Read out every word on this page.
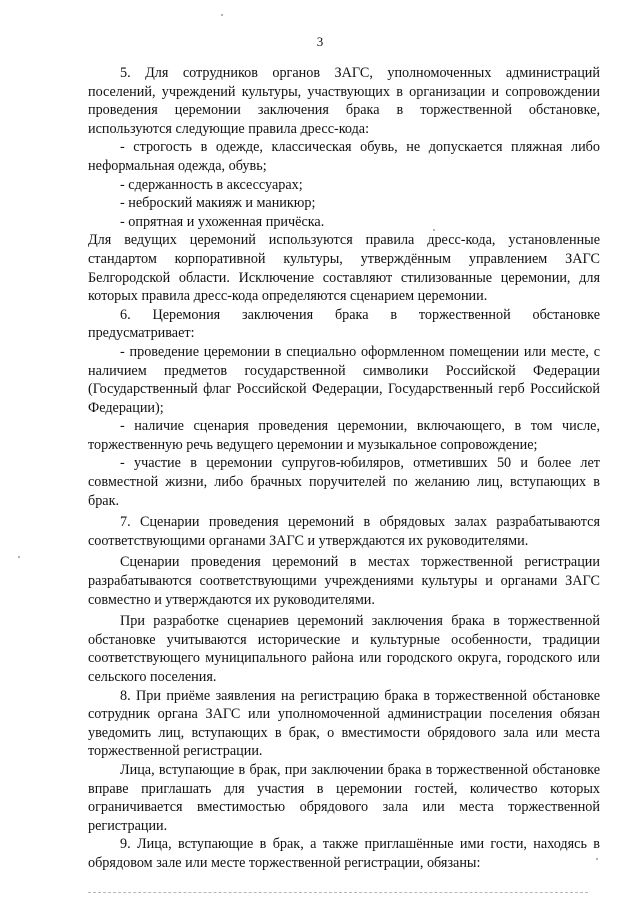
3

5. Для сотрудников органов ЗАГС, уполномоченных администраций поселений, учреждений культуры, участвующих в организации и сопровождении проведения церемонии заключения брака в торжественной обстановке, используются следующие правила дресс-кода:

- строгость в одежде, классическая обувь, не допускается пляжная либо неформальная одежда, обувь;

- сдержанность в аксессуарах;

- неброский макияж и маникюр;

- опрятная и ухоженная причёска.

Для ведущих церемоний используются правила дресс-кода, установленные стандартом корпоративной культуры, утверждённым управлением ЗАГС Белгородской области. Исключение составляют стилизованные церемонии, для которых правила дресс-кода определяются сценарием церемонии.

6. Церемония заключения брака в торжественной обстановке предусматривает:

- проведение церемонии в специально оформленном помещении или месте, с наличием предметов государственной символики Российской Федерации (Государственный флаг Российской Федерации, Государственный герб Российской Федерации);

- наличие сценария проведения церемонии, включающего, в том числе, торжественную речь ведущего церемонии и музыкальное сопровождение;

- участие в церемонии супругов-юбиляров, отметивших 50 и более лет совместной жизни, либо брачных поручителей по желанию лиц, вступающих в брак.

7. Сценарии проведения церемоний в обрядовых залах разрабатываются соответствующими органами ЗАГС и утверждаются их руководителями.

Сценарии проведения церемоний в местах торжественной регистрации разрабатываются соответствующими учреждениями культуры и органами ЗАГС совместно и утверждаются их руководителями.

При разработке сценариев церемоний заключения брака в торжественной обстановке учитываются исторические и культурные особенности, традиции соответствующего муниципального района или городского округа, городского или сельского поселения.

8. При приёме заявления на регистрацию брака в торжественной обстановке сотрудник органа ЗАГС или уполномоченной администрации поселения обязан уведомить лиц, вступающих в брак, о вместимости обрядового зала или места торжественной регистрации.

Лица, вступающие в брак, при заключении брака в торжественной обстановке вправе приглашать для участия в церемонии гостей, количество которых ограничивается вместимостью обрядового зала или места торжественной регистрации.

9. Лица, вступающие в брак, а также приглашённые ими гости, находясь в обрядовом зале или месте торжественной регистрации, обязаны:
